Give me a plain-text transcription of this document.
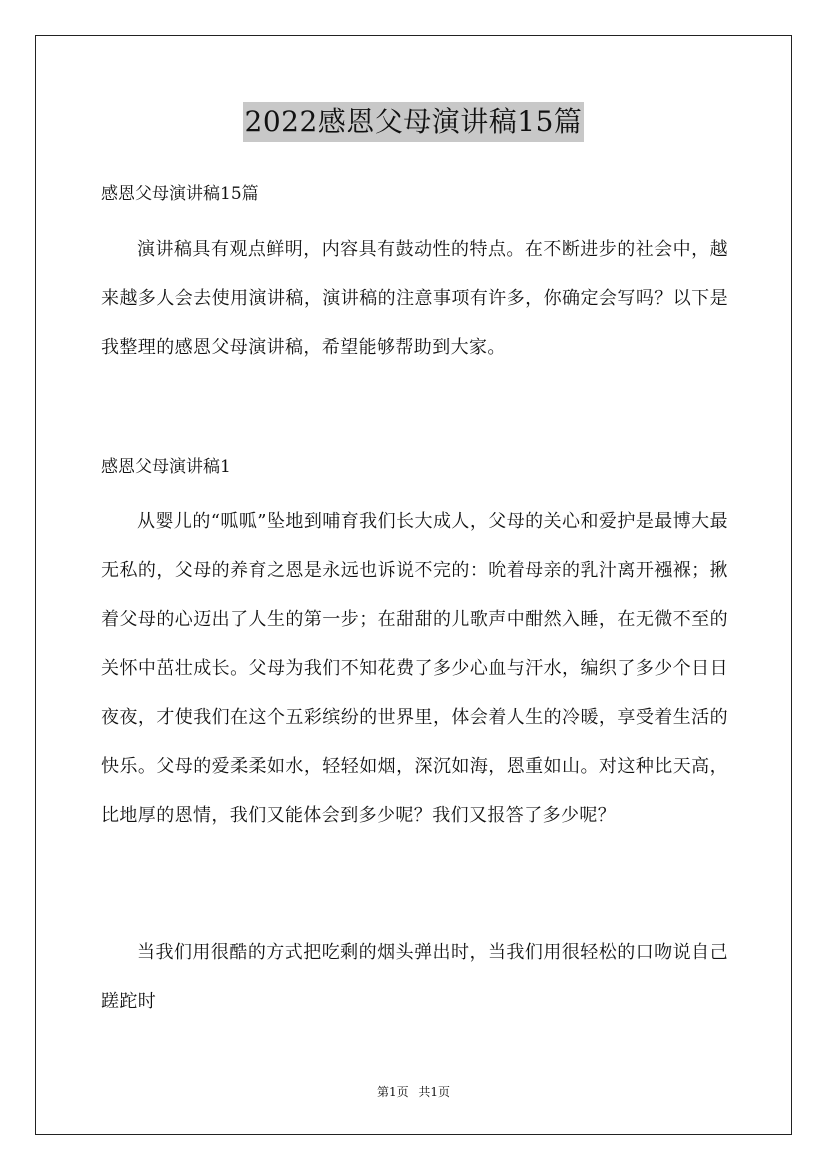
2022感恩父母演讲稿15篇
感恩父母演讲稿15篇
演讲稿具有观点鲜明，内容具有鼓动性的特点。在不断进步的社会中，越来越多人会去使用演讲稿，演讲稿的注意事项有许多，你确定会写吗？以下是我整理的感恩父母演讲稿，希望能够帮助到大家。
感恩父母演讲稿1
从婴儿的“呱呱”坠地到哺育我们长大成人，父母的关心和爱护是最博大最无私的，父母的养育之恩是永远也诉说不完的：吮着母亲的乳汁离开襁褓；揪着父母的心迈出了人生的第一步；在甜甜的儿歌声中酣然入睡，在无微不至的关怀中茁壮成长。父母为我们不知花费了多少心血与汗水，编织了多少个日日夜夜，才使我们在这个五彩缤纷的世界里，体会着人生的冷暖，享受着生活的快乐。父母的爱柔柔如水，轻轻如烟，深沉如海，恩重如山。对这种比天高，比地厚的恩情，我们又能体会到多少呢？我们又报答了多少呢？
当我们用很酷的方式把吃剩的烟头弹出时，当我们用很轻松的口吻说自己蹉跎时
第1页 共1页
